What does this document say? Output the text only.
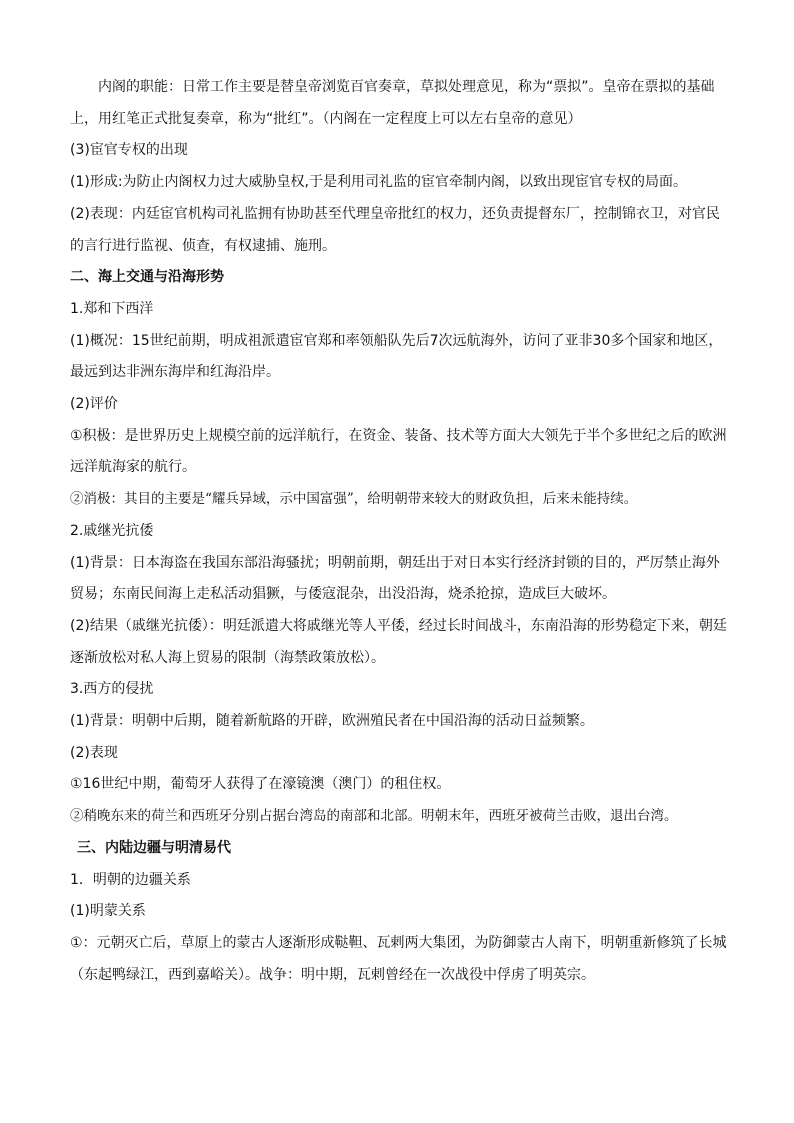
内阁的职能：日常工作主要是替皇帝浏览百官奏章，草拟处理意见，称为“票拟”。皇帝在票拟的基础上，用红笔正式批复奏章，称为“批红”。（内阁在一定程度上可以左右皇帝的意见）

(3)宦官专权的出现

(1)形成:为防止内阁权力过大威胁皇权,于是利用司礼监的宦官牵制内阁，以致出现宦官专权的局面。

(2)表现：内廷宦官机构司礼监拥有协助甚至代理皇帝批红的权力，还负责提督东厂，控制锦衣卫，对官民的言行进行监视、侦查，有权逮捕、施刑。

二、海上交通与沿海形势

1.郑和下西洋

(1)概况：15世纪前期，明成祖派遣宦官郑和率领船队先后7次远航海外，访问了亚非30多个国家和地区，最远到达非洲东海岸和红海沿岸。

(2)评价

①积极：是世界历史上规模空前的远洋航行，在资金、装备、技术等方面大大领先于半个多世纪之后的欧洲远洋航海家的航行。

②消极：其目的主要是“耀兵异域，示中国富强”，给明朝带来较大的财政负担，后来未能持续。

2.戚继光抗倭

(1)背景：日本海盗在我国东部沿海骚扰；明朝前期，朝廷出于对日本实行经济封锁的目的，严厉禁止海外贸易；东南民间海上走私活动猖獗，与倭寇混杂，出没沿海，烧杀抢掠，造成巨大破坏。

(2)结果（戚继光抗倭）：明廷派遣大将戚继光等人平倭，经过长时间战斗，东南沿海的形势稳定下来，朝廷逐渐放松对私人海上贸易的限制（海禁政策放松）。

3.西方的侵扰

(1)背景：明朝中后期，随着新航路的开辟，欧洲殖民者在中国沿海的活动日益频繁。

(2)表现

①16世纪中期，葡萄牙人获得了在濠镜澳（澳门）的租住权。

②稍晚东来的荷兰和西班牙分别占据台湾岛的南部和北部。明朝末年，西班牙被荷兰击败，退出台湾。

三、内陆边疆与明清易代

1．明朝的边疆关系

(1)明蒙关系

①：元朝灭亡后，草原上的蒙古人逐渐形成鞑靼、瓦剌两大集团，为防御蒙古人南下，明朝重新修筑了长城（东起鸭绿江，西到嘉峪关）。战争：明中期，瓦剌曾经在一次战役中俘虏了明英宗。
